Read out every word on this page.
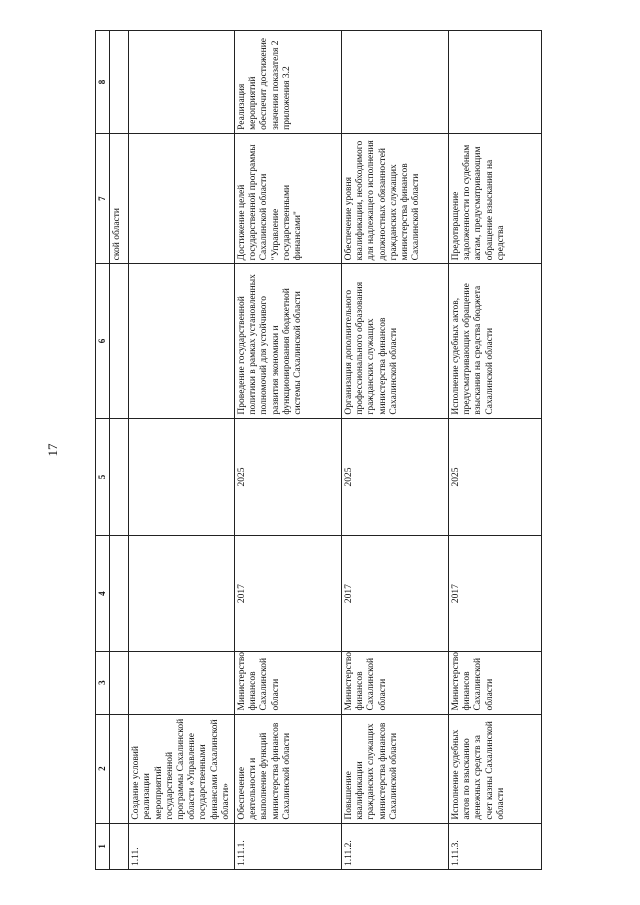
17
1	2	3	4	5	6	7	8
						ской области	
1.11.	Создание условий реализации мероприятий государственной программы Сахалинской области «Управление государственными финансами Сахалинской области»						
1.11.1.	Обеспечение деятельности и выполнение функций министерства финансов Сахалинской области	Министерство финансов Сахалинской области	2017	2025	Проведение государственной политики в рамках установленных полномочий для устойчивого развития экономики и функционирования бюджетной системы Сахалинской области	Достижение целей государственной программы Сахалинской области "Управление государственными финансами"	Реализация мероприятий обеспечит достижение значения показателя 2 приложения 3.2
1.11.2.	Повышение квалификации гражданских служащих министерства финансов Сахалинской области	Министерство финансов Сахалинской области	2017	2025	Организация дополнительного профессионального образования гражданских служащих министерства финансов Сахалинской области	Обеспечение уровня квалификации, необходимого для надлежащего исполнения должностных обязанностей гражданских служащих министерства финансов Сахалинской области	
1.11.3.	Исполнение судебных актов по взысканию денежных средств за счет казны Сахалинской области	Министерство финансов Сахалинской области	2017	2025	Исполнение судебных актов, предусматривающих обращение взыскания на средства бюджета Сахалинской области	Предотвращение задолженности по судебным актам, предусматривающим обращение взыскания на средства	
